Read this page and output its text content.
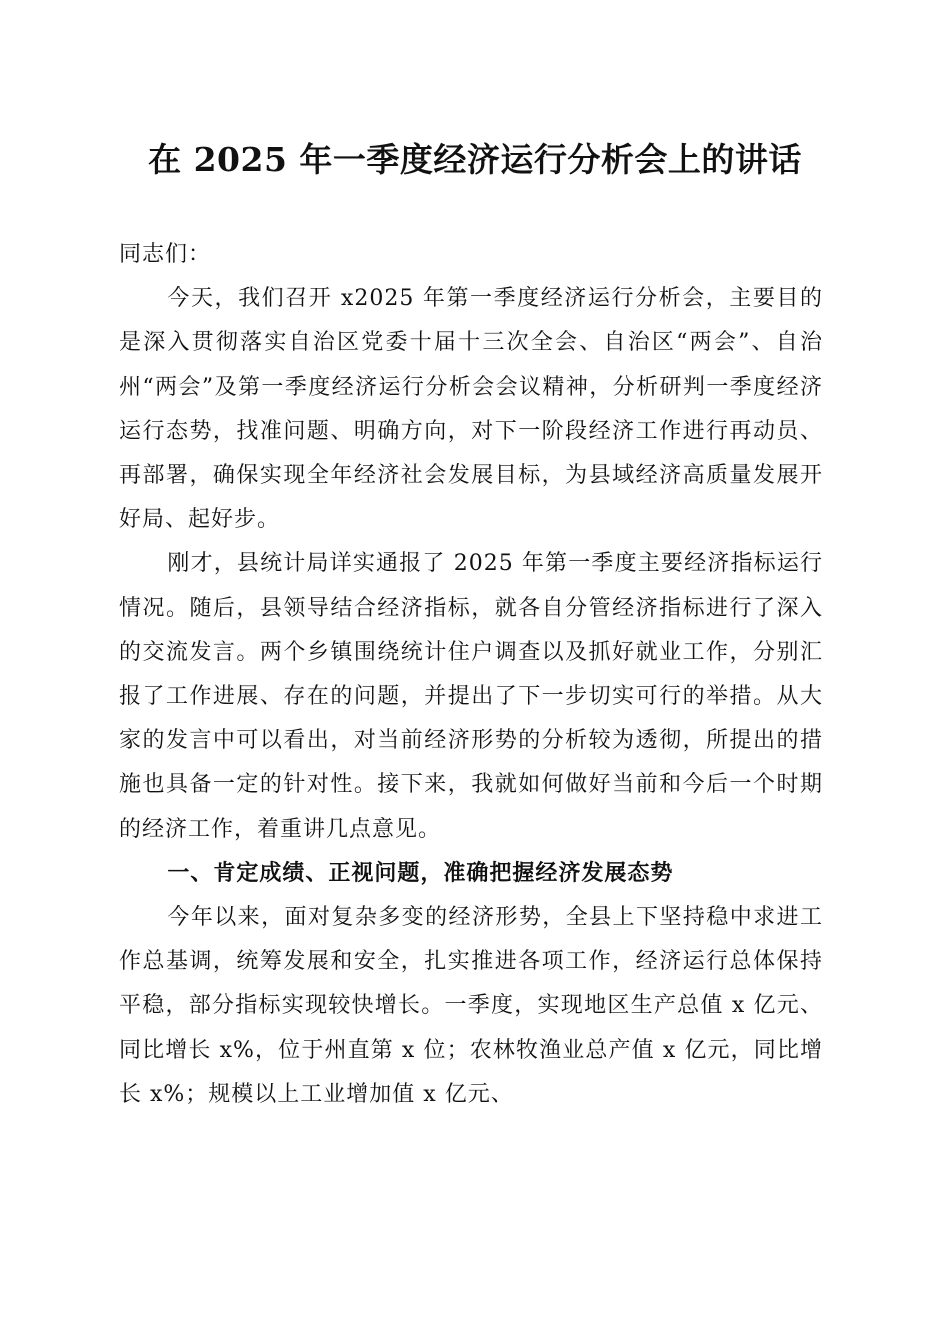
在 2025 年一季度经济运行分析会上的讲话

同志们：

今天，我们召开 x2025 年第一季度经济运行分析会，主要目的是深入贯彻落实自治区党委十届十三次全会、自治区“两会”、自治州“两会”及第一季度经济运行分析会会议精神，分析研判一季度经济运行态势，找准问题、明确方向，对下一阶段经济工作进行再动员、再部署，确保实现全年经济社会发展目标，为县域经济高质量发展开好局、起好步。

刚才，县统计局详实通报了 2025 年第一季度主要经济指标运行情况。随后，县领导结合经济指标，就各自分管经济指标进行了深入的交流发言。两个乡镇围绕统计住户调查以及抓好就业工作，分别汇报了工作进展、存在的问题，并提出了下一步切实可行的举措。从大家的发言中可以看出，对当前经济形势的分析较为透彻，所提出的措施也具备一定的针对性。接下来，我就如何做好当前和今后一个时期的经济工作，着重讲几点意见。

一、肯定成绩、正视问题，准确把握经济发展态势

今年以来，面对复杂多变的经济形势，全县上下坚持稳中求进工作总基调，统筹发展和安全，扎实推进各项工作，经济运行总体保持平稳，部分指标实现较快增长。一季度，实现地区生产总值 x 亿元、同比增长 x%，位于州直第 x 位；农林牧渔业总产值 x 亿元，同比增长 x%；规模以上工业增加值 x 亿元、
